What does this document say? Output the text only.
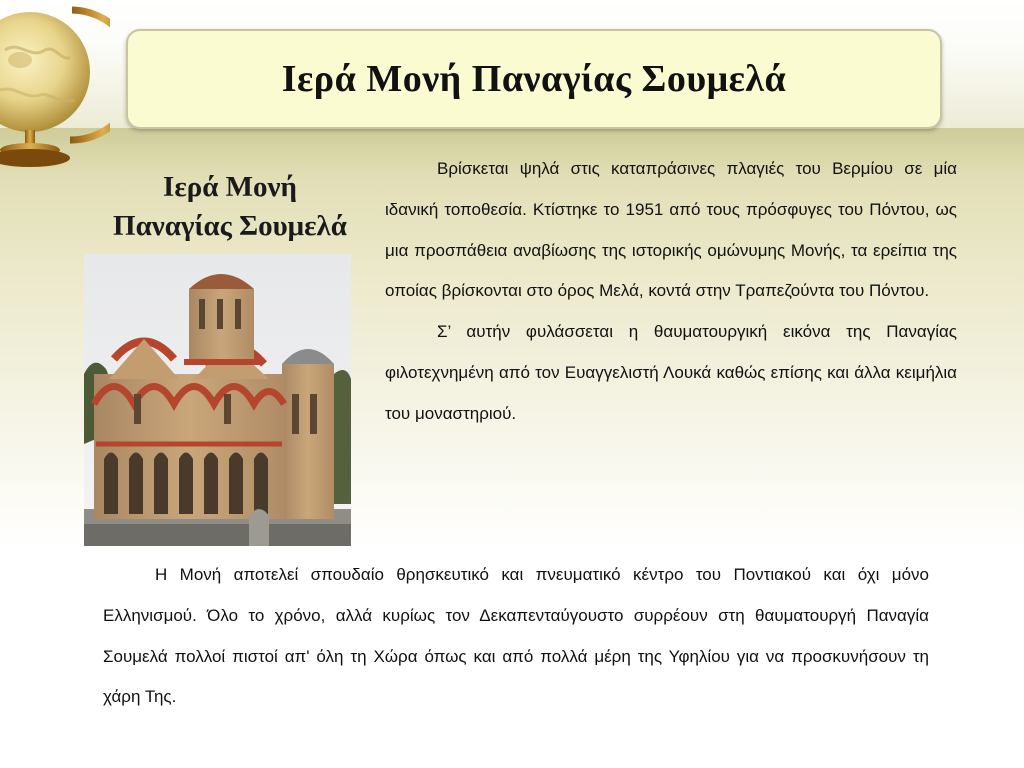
Ιερά Μονή Παναγίας Σουμελά
Ιερά Μονή
Παναγίας Σουμελά

Βρίσκεται ψηλά στις καταπράσινες πλαγιές του Βερμίου σε μία ιδανική τοποθεσία. Κτίστηκε το 1951 από τους πρόσφυγες του Πόντου, ως μια προσπάθεια αναβίωσης της ιστορικής ομώνυμης Μονής, τα ερείπια της οποίας βρίσκονται στο όρος Μελά, κοντά στην Τραπεζούντα του Πόντου.

Σ’ αυτήν φυλάσσεται η θαυματουργική εικόνα της Παναγίας φιλοτεχνημένη από τον Ευαγγελιστή Λουκά καθώς επίσης και άλλα κειμήλια του μοναστηριού.

Η Μονή αποτελεί σπουδαίο θρησκευτικό και πνευματικό κέντρο του Ποντιακού και όχι μόνο Ελληνισμού. Όλο το χρόνο, αλλά κυρίως τον Δεκαπενταύγουστο συρρέουν στη θαυματουργή Παναγία Σουμελά πολλοί πιστοί απ' όλη τη Χώρα όπως και από πολλά μέρη της Υφηλίου για να προσκυνήσουν τη χάρη Της.
